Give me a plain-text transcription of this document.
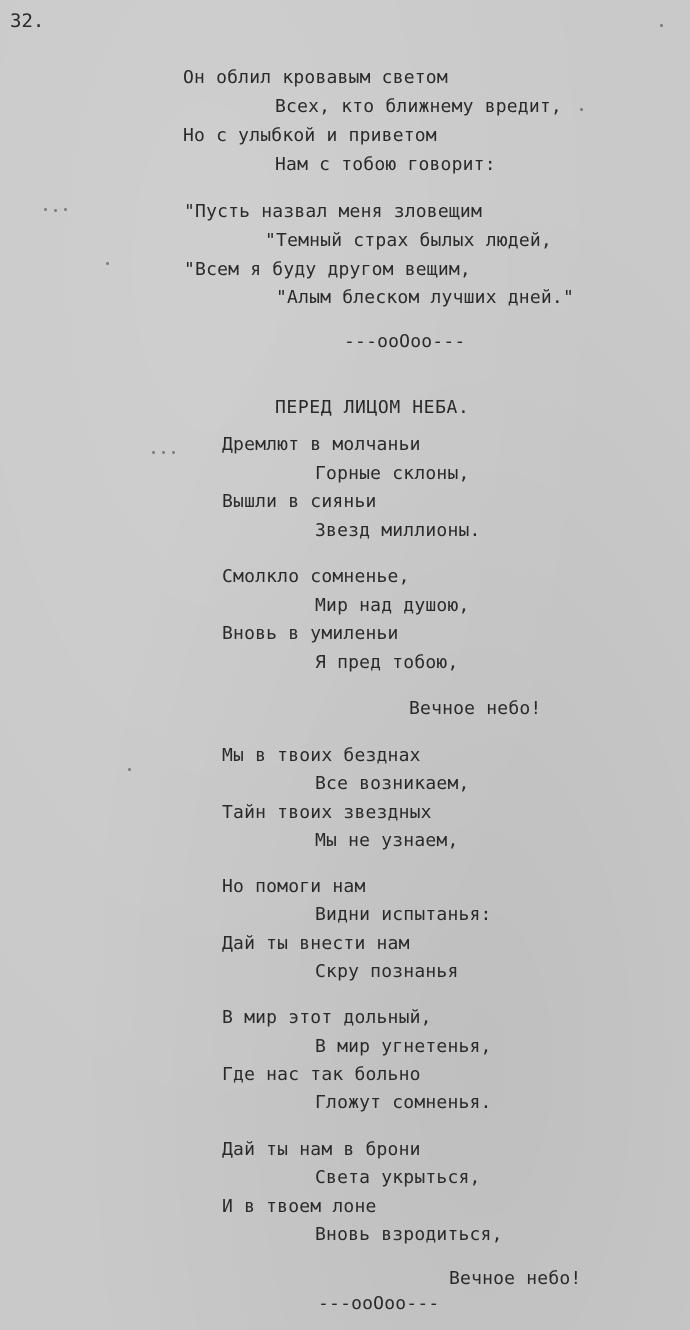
32.
Он облил кровавым светом
Всех, кто ближнему вредит,
Но с улыбкой и приветом
Нам с тобою говорит:
"Пусть назвал меня зловещим
"Темный страх былых людей,
"Всем я буду другом вещим,
"Алым блеском лучших дней."
---ооОоо---
ПЕРЕД ЛИЦОМ НЕБА.
Дремлют в молчаньи
Горные склоны,
Вышли в сияньи
Звезд миллионы.
Смолкло сомненье,
Мир над душою,
Вновь в умиленьи
Я пред тобою,
Вечное небо!
Мы в твоих безднах
Все возникаем,
Тайн твоих звездных
Мы не узнаем,
Но помоги нам
Видни испытанья:
Дай ты внести нам
Скру познанья
В мир этот дольный,
В мир угнетенья,
Где нас так больно
Гложут сомненья.
Дай ты нам в брони
Света укрыться,
И в твоем лоне
Вновь взродиться,
Вечное небо!
---ооОоо---
